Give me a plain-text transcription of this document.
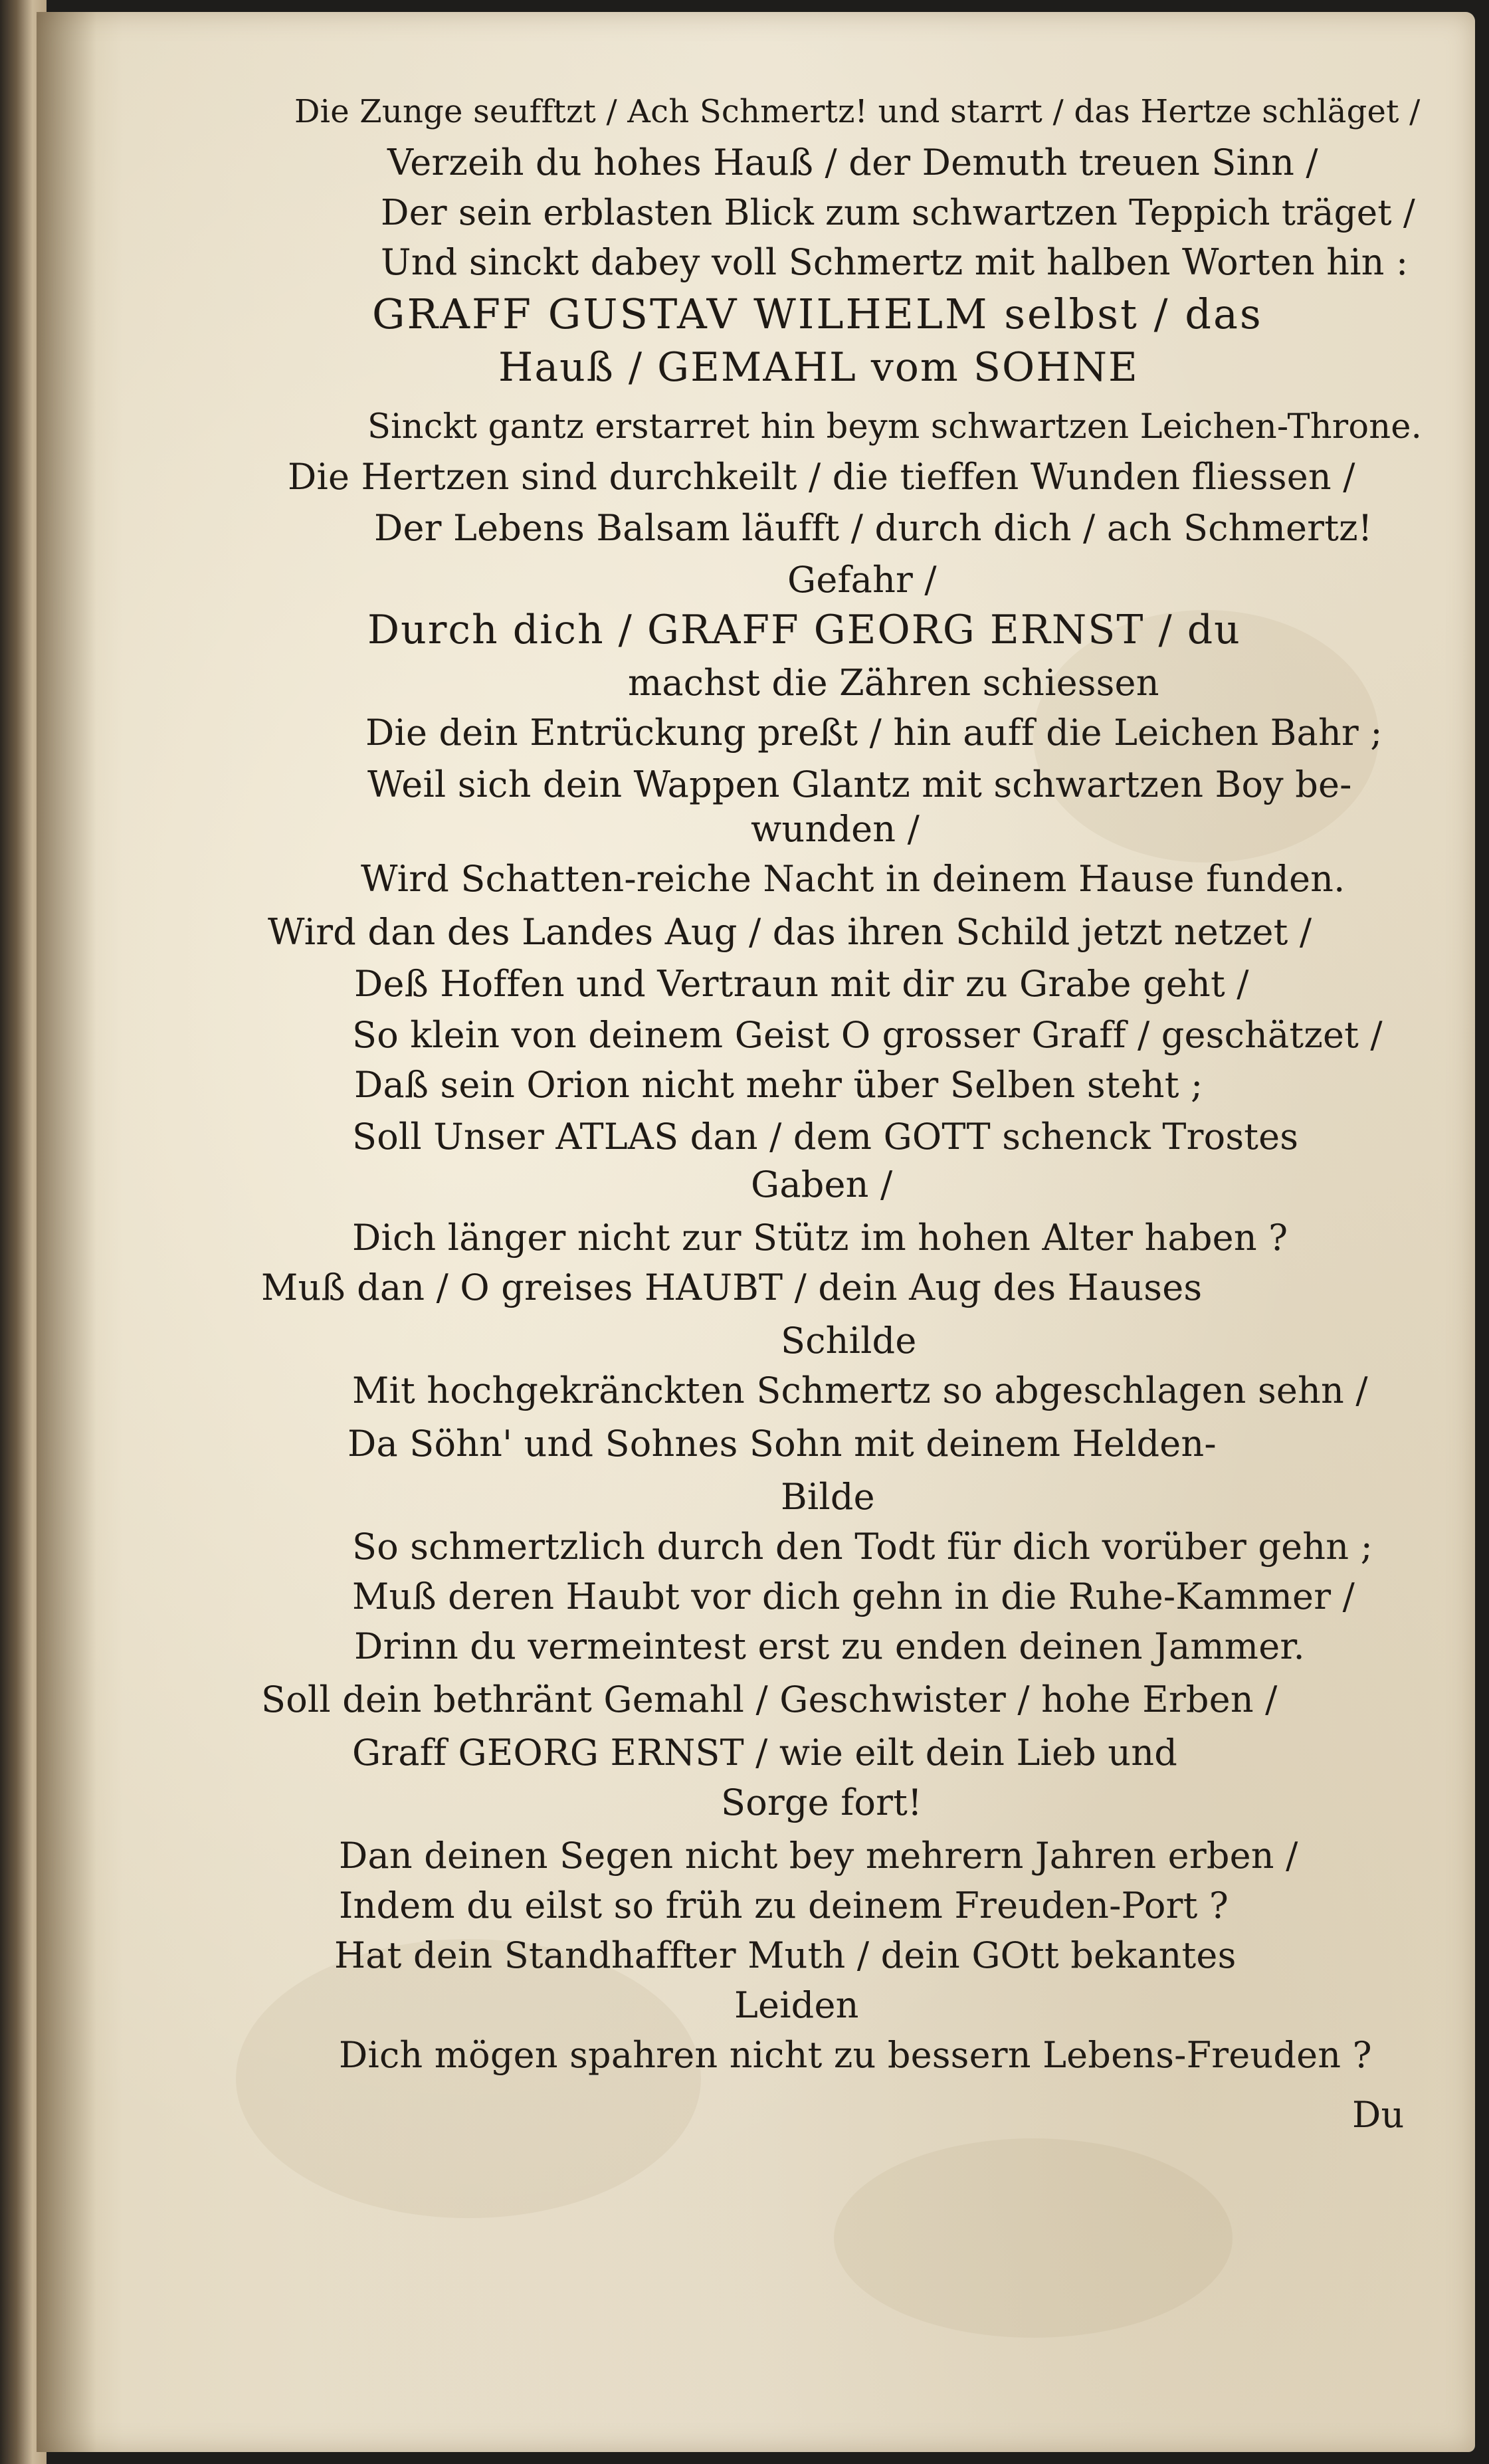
Die Zunge seufftzt / Ach Schmertz! und starrt / das Hertze schläget /
Verzeih du hohes Hauß / der Demuth treuen Sinn /
Der sein erblasten Blick zum schwartzen Teppich träget /
Und sinckt dabey voll Schmertz mit halben Worten hin :
GRAFF GUSTAV WILHELM selbst / das
Hauß / GEMAHL vom SOHNE
Sinckt gantz erstarret hin beym schwartzen Leichen-Throne.
Die Hertzen sind durchkeilt / die tieffen Wunden fliessen /
Der Lebens Balsam läufft / durch dich / ach Schmertz!
Gefahr /
Durch dich / GRAFF GEORG ERNST / du
machst die Zähren schiessen
Die dein Entrückung preßt / hin auff die Leichen Bahr ;
Weil sich dein Wappen Glantz mit schwartzen Boy be-
wunden /
Wird Schatten-reiche Nacht in deinem Hause funden.
Wird dan des Landes Aug / das ihren Schild jetzt netzet /
Deß Hoffen und Vertraun mit dir zu Grabe geht /
So klein von deinem Geist O grosser Graff / geschätzet /
Daß sein Orion nicht mehr über Selben steht ;
Soll Unser ATLAS dan / dem GOTT schenck Trostes
Gaben /
Dich länger nicht zur Stütz im hohen Alter haben ?
Muß dan / O greises HAUBT / dein Aug des Hauses
Schilde
Mit hochgekränckten Schmertz so abgeschlagen sehn /
Da Söhn' und Sohnes Sohn mit deinem Helden-
Bilde
So schmertzlich durch den Todt für dich vorüber gehn ;
Muß deren Haubt vor dich gehn in die Ruhe-Kammer /
Drinn du vermeintest erst zu enden deinen Jammer.
Soll dein bethränt Gemahl / Geschwister / hohe Erben /
Graff GEORG ERNST / wie eilt dein Lieb und
Sorge fort!
Dan deinen Segen nicht bey mehrern Jahren erben /
Indem du eilst so früh zu deinem Freuden-Port ?
Hat dein Standhaffter Muth / dein GOtt bekantes
Leiden
Dich mögen spahren nicht zu bessern Lebens-Freuden ?
Du
